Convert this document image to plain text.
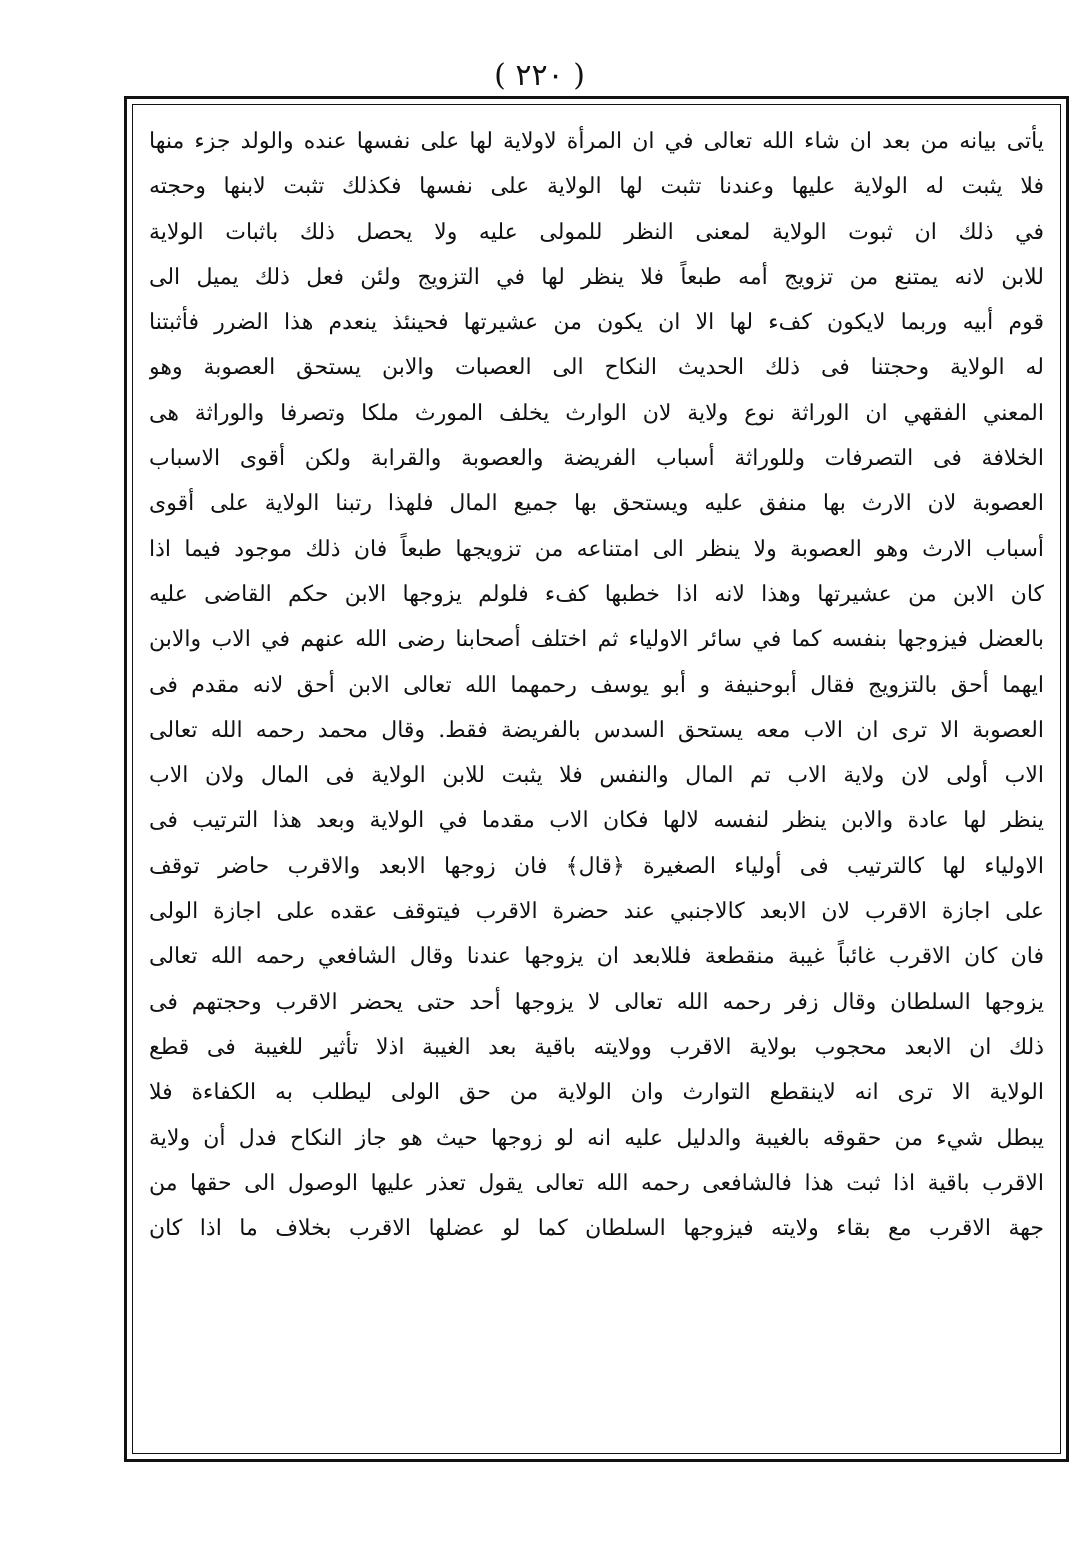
( ٢٢٠ )
يأتى بيانه من بعد ان شاء الله تعالى في ان المرأة لاولاية لها على نفسها عنده والولد جزء منها
فلا يثبت له الولاية عليها وعندنا تثبت لها الولاية على نفسها فكذلك تثبت لابنها وحجته
في ذلك ان ثبوت الولاية لمعنى النظر للمولى عليه ولا يحصل ذلك باثبات الولاية
للابن لانه يمتنع من تزويج أمه طبعاً فلا ينظر لها في التزويج ولئن فعل ذلك يميل الى
قوم أبيه وربما لايكون كفء لها الا ان يكون من عشيرتها فحينئذ ينعدم هذا الضرر فأثبتنا
له الولاية وحجتنا فى ذلك الحديث النكاح الى العصبات والابن يستحق العصوبة وهو
المعني الفقهي ان الوراثة نوع ولاية لان الوارث يخلف المورث ملكا وتصرفا والوراثة هى
الخلافة فى التصرفات وللوراثة أسباب الفريضة والعصوبة والقرابة ولكن أقوى الاسباب
العصوبة لان الارث بها منفق عليه ويستحق بها جميع المال فلهذا رتبنا الولاية على أقوى
أسباب الارث وهو العصوبة ولا ينظر الى امتناعه من تزويجها طبعاً فان ذلك موجود فيما اذا
كان الابن من عشيرتها وهذا لانه اذا خطبها كفء فلولم يزوجها الابن حكم القاضى عليه
بالعضل فيزوجها بنفسه كما في سائر الاولياء ثم اختلف أصحابنا رضى الله عنهم في الاب والابن
ايهما أحق بالتزويج فقال أبوحنيفة و أبو يوسف رحمهما الله تعالى الابن أحق لانه مقدم فى
العصوبة الا ترى ان الاب معه يستحق السدس بالفريضة فقط. وقال محمد رحمه الله تعالى
الاب أولى لان ولاية الاب تم المال والنفس فلا يثبت للابن الولاية فى المال ولان الاب
ينظر لها عادة والابن ينظر لنفسه لالها فكان الاب مقدما في الولاية وبعد هذا الترتيب فى
الاولياء لها كالترتيب فى أولياء الصغيرة ﴿قال﴾ فان زوجها الابعد والاقرب حاضر توقف
على اجازة الاقرب لان الابعد كالاجنبي عند حضرة الاقرب فيتوقف عقده على اجازة الولى
فان كان الاقرب غائباً غيبة منقطعة فللابعد ان يزوجها عندنا وقال الشافعي رحمه الله تعالى
يزوجها السلطان وقال زفر رحمه الله تعالى لا يزوجها أحد حتى يحضر الاقرب وحجتهم فى
ذلك ان الابعد محجوب بولاية الاقرب وولايته باقية بعد الغيبة اذلا تأثير للغيبة فى قطع
الولاية الا ترى انه لاينقطع التوارث وان الولاية من حق الولى ليطلب به الكفاءة فلا
يبطل شيء من حقوقه بالغيبة والدليل عليه انه لو زوجها حيث هو جاز النكاح فدل أن ولاية
الاقرب باقية اذا ثبت هذا فالشافعى رحمه الله تعالى يقول تعذر عليها الوصول الى حقها من
جهة الاقرب مع بقاء ولايته فيزوجها السلطان كما لو عضلها الاقرب بخلاف ما اذا كان
